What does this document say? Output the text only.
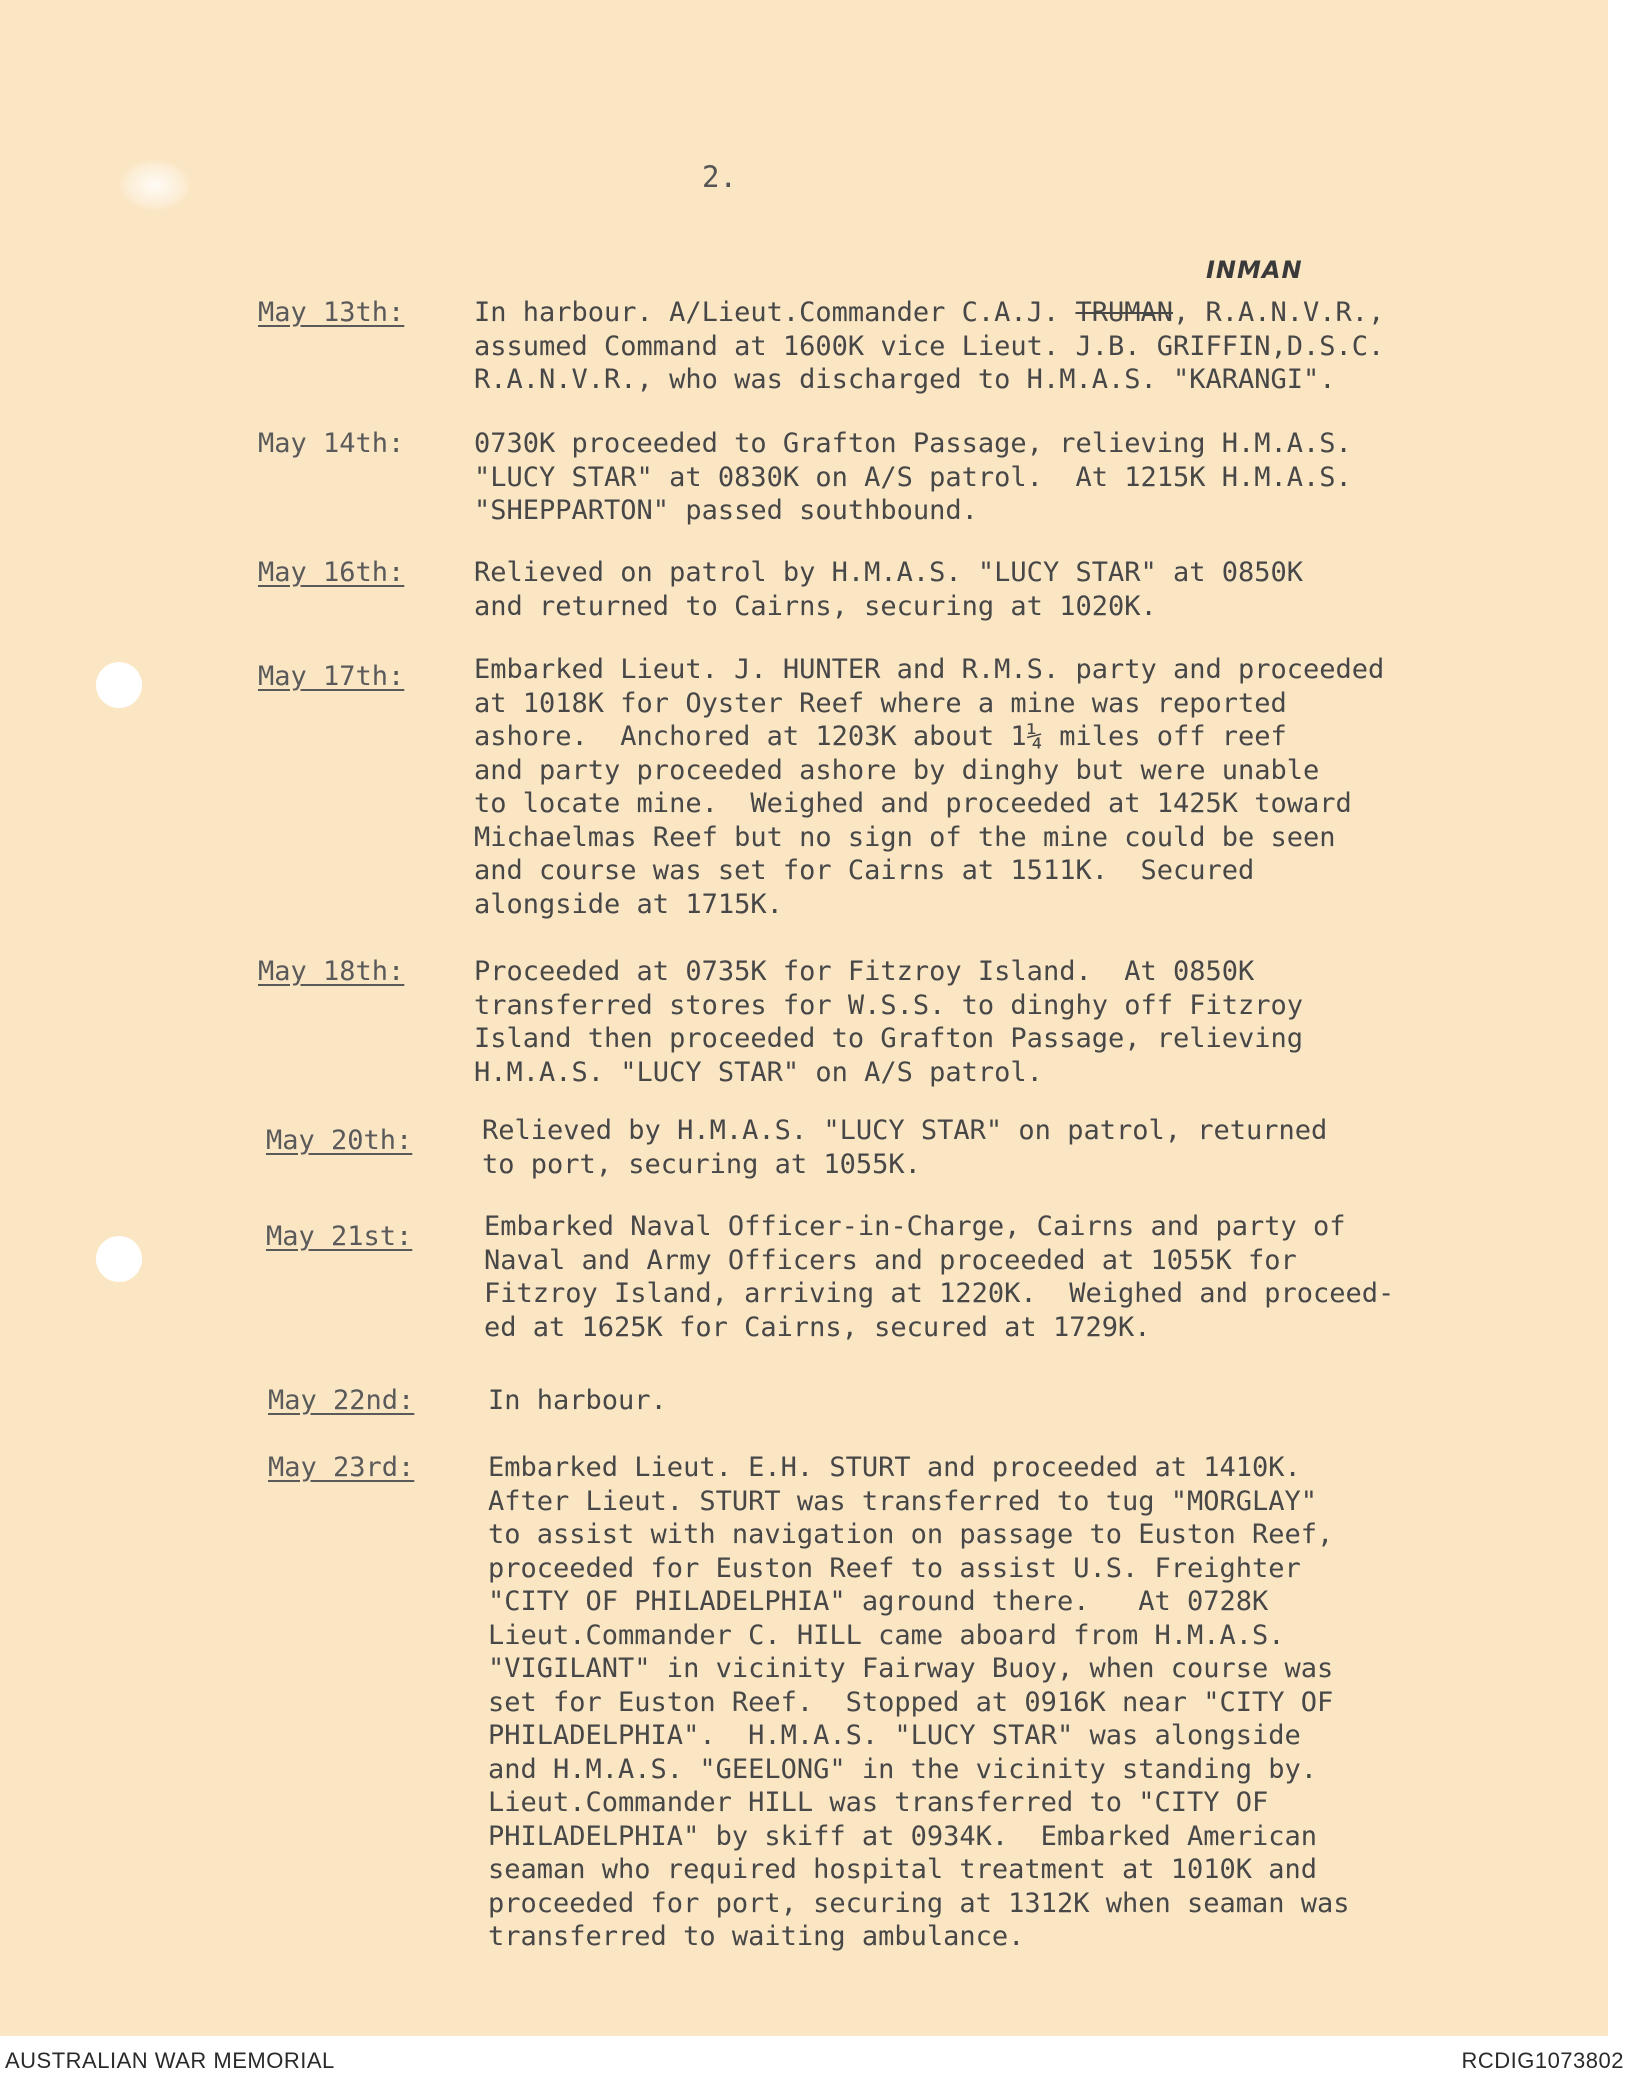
2.
INMAN
May 13th:	In harbour. A/Lieut.Commander C.A.J. TRUMAN, R.A.N.V.R.,
assumed Command at 1600K vice Lieut. J.B. GRIFFIN,D.S.C.
R.A.N.V.R., who was discharged to H.M.A.S. "KARANGI".
May 14th:	0730K proceeded to Grafton Passage, relieving H.M.A.S.
"LUCY STAR" at 0830K on A/S patrol.  At 1215K H.M.A.S.
"SHEPPARTON" passed southbound.
May 16th:	Relieved on patrol by H.M.A.S. "LUCY STAR" at 0850K
and returned to Cairns, securing at 1020K.
May 17th:	Embarked Lieut. J. HUNTER and R.M.S. party and proceeded
at 1018K for Oyster Reef where a mine was reported
ashore.  Anchored at 1203K about 1¼ miles off reef
and party proceeded ashore by dinghy but were unable
to locate mine.  Weighed and proceeded at 1425K toward
Michaelmas Reef but no sign of the mine could be seen
and course was set for Cairns at 1511K.  Secured
alongside at 1715K.
May 18th:	Proceeded at 0735K for Fitzroy Island.  At 0850K
transferred stores for W.S.S. to dinghy off Fitzroy
Island then proceeded to Grafton Passage, relieving
H.M.A.S. "LUCY STAR" on A/S patrol.
May 20th:	Relieved by H.M.A.S. "LUCY STAR" on patrol, returned
to port, securing at 1055K.
May 21st:	Embarked Naval Officer-in-Charge, Cairns and party of
Naval and Army Officers and proceeded at 1055K for
Fitzroy Island, arriving at 1220K.  Weighed and proceed-
ed at 1625K for Cairns, secured at 1729K.
May 22nd:	In harbour.
May 23rd:	Embarked Lieut. E.H. STURT and proceeded at 1410K.
After Lieut. STURT was transferred to tug "MORGLAY"
to assist with navigation on passage to Euston Reef,
proceeded for Euston Reef to assist U.S. Freighter
"CITY OF PHILADELPHIA" aground there.   At 0728K
Lieut.Commander C. HILL came aboard from H.M.A.S.
"VIGILANT" in vicinity Fairway Buoy, when course was
set for Euston Reef.  Stopped at 0916K near "CITY OF
PHILADELPHIA".  H.M.A.S. "LUCY STAR" was alongside
and H.M.A.S. "GEELONG" in the vicinity standing by.
Lieut.Commander HILL was transferred to "CITY OF
PHILADELPHIA" by skiff at 0934K.  Embarked American
seaman who required hospital treatment at 1010K and
proceeded for port, securing at 1312K when seaman was
transferred to waiting ambulance.
AUSTRALIAN WAR MEMORIAL	RCDIG1073802
